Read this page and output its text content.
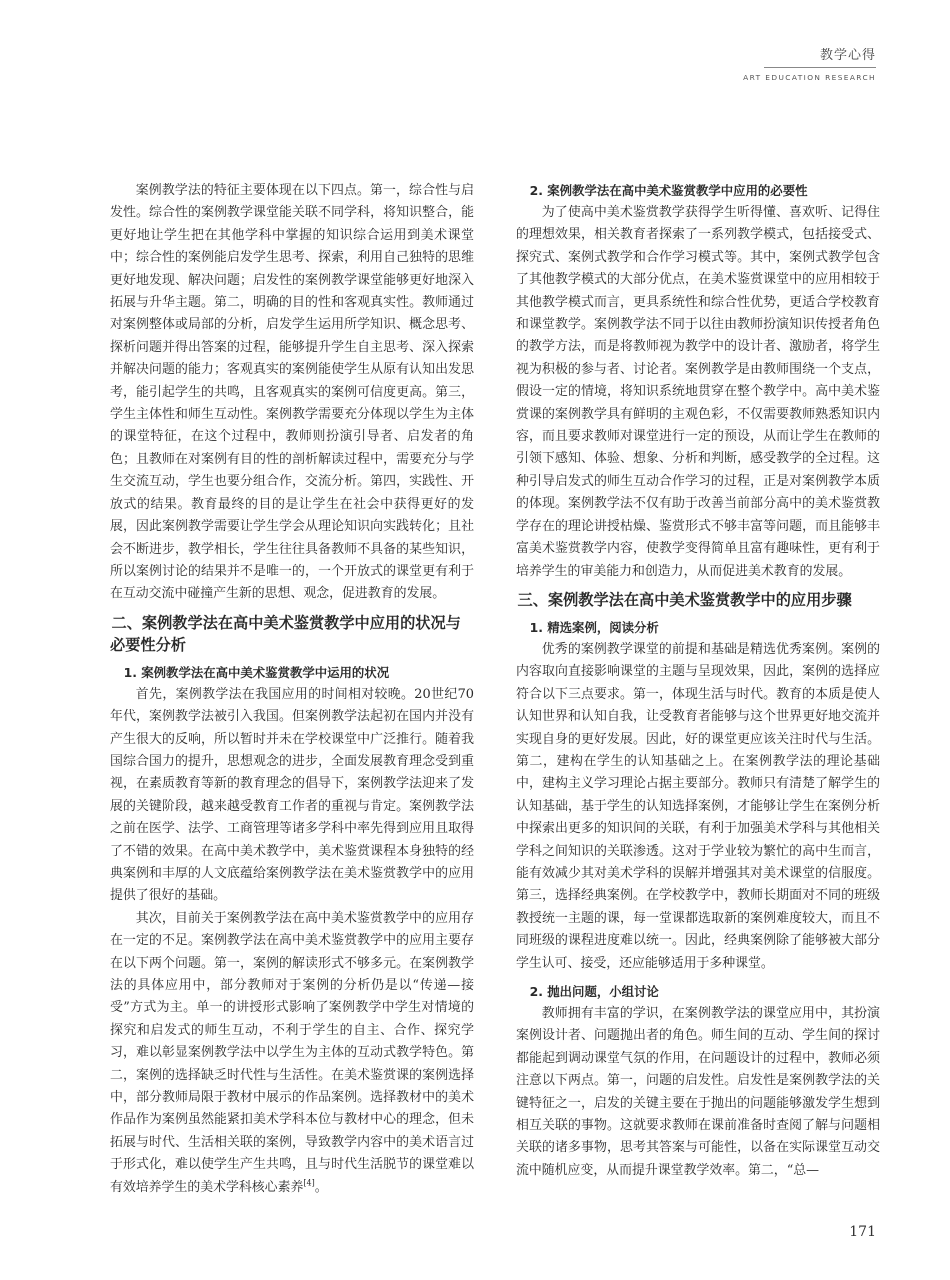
教学心得
ART EDUCATION RESEARCH

案例教学法的特征主要体现在以下四点。第一，综合性与启发性。综合性的案例教学课堂能关联不同学科，将知识整合，能更好地让学生把在其他学科中掌握的知识综合运用到美术课堂中；综合性的案例能启发学生思考、探索，利用自己独特的思维更好地发现、解决问题；启发性的案例教学课堂能够更好地深入拓展与升华主题。第二，明确的目的性和客观真实性。教师通过对案例整体或局部的分析，启发学生运用所学知识、概念思考、探析问题并得出答案的过程，能够提升学生自主思考、深入探索并解决问题的能力；客观真实的案例能使学生从原有认知出发思考，能引起学生的共鸣，且客观真实的案例可信度更高。第三，学生主体性和师生互动性。案例教学需要充分体现以学生为主体的课堂特征，在这个过程中，教师则扮演引导者、启发者的角色；且教师在对案例有目的性的剖析解读过程中，需要充分与学生交流互动，学生也要分组合作，交流分析。第四，实践性、开放式的结果。教育最终的目的是让学生在社会中获得更好的发展，因此案例教学需要让学生学会从理论知识向实践转化；且社会不断进步，教学相长，学生往往具备教师不具备的某些知识，所以案例讨论的结果并不是唯一的，一个开放式的课堂更有利于在互动交流中碰撞产生新的思想、观念，促进教育的发展。

二、案例教学法在高中美术鉴赏教学中应用的状况与必要性分析
1. 案例教学法在高中美术鉴赏教学中运用的状况

首先，案例教学法在我国应用的时间相对较晚。20世纪70年代，案例教学法被引入我国。但案例教学法起初在国内并没有产生很大的反响，所以暂时并未在学校课堂中广泛推行。随着我国综合国力的提升，思想观念的进步，全面发展教育理念受到重视，在素质教育等新的教育理念的倡导下，案例教学法迎来了发展的关键阶段，越来越受教育工作者的重视与肯定。案例教学法之前在医学、法学、工商管理等诸多学科中率先得到应用且取得了不错的效果。在高中美术教学中，美术鉴赏课程本身独特的经典案例和丰厚的人文底蕴给案例教学法在美术鉴赏教学中的应用提供了很好的基础。

其次，目前关于案例教学法在高中美术鉴赏教学中的应用存在一定的不足。案例教学法在高中美术鉴赏教学中的应用主要存在以下两个问题。第一，案例的解读形式不够多元。在案例教学法的具体应用中，部分教师对于案例的分析仍是以“传递—接受”方式为主。单一的讲授形式影响了案例教学中学生对情境的探究和启发式的师生互动，不利于学生的自主、合作、探究学习，难以彰显案例教学法中以学生为主体的互动式教学特色。第二，案例的选择缺乏时代性与生活性。在美术鉴赏课的案例选择中，部分教师局限于教材中展示的作品案例。选择教材中的美术作品作为案例虽然能紧扣美术学科本位与教材中心的理念，但未拓展与时代、生活相关联的案例，导致教学内容中的美术语言过于形式化，难以使学生产生共鸣，且与时代生活脱节的课堂难以有效培养学生的美术学科核心素养[4]。

2. 案例教学法在高中美术鉴赏教学中应用的必要性

为了使高中美术鉴赏教学获得学生听得懂、喜欢听、记得住的理想效果，相关教育者探索了一系列教学模式，包括接受式、探究式、案例式教学和合作学习模式等。其中，案例式教学包含了其他教学模式的大部分优点，在美术鉴赏课堂中的应用相较于其他教学模式而言，更具系统性和综合性优势，更适合学校教育和课堂教学。案例教学法不同于以往由教师扮演知识传授者角色的教学方法，而是将教师视为教学中的设计者、激励者，将学生视为积极的参与者、讨论者。案例教学是由教师围绕一个支点，假设一定的情境，将知识系统地贯穿在整个教学中。高中美术鉴赏课的案例教学具有鲜明的主观色彩，不仅需要教师熟悉知识内容，而且要求教师对课堂进行一定的预设，从而让学生在教师的引领下感知、体验、想象、分析和判断，感受教学的全过程。这种引导启发式的师生互动合作学习的过程，正是对案例教学本质的体现。案例教学法不仅有助于改善当前部分高中的美术鉴赏教学存在的理论讲授枯燥、鉴赏形式不够丰富等问题，而且能够丰富美术鉴赏教学内容，使教学变得简单且富有趣味性，更有利于培养学生的审美能力和创造力，从而促进美术教育的发展。

三、案例教学法在高中美术鉴赏教学中的应用步骤
1. 精选案例，阅读分析

优秀的案例教学课堂的前提和基础是精选优秀案例。案例的内容取向直接影响课堂的主题与呈现效果，因此，案例的选择应符合以下三点要求。第一，体现生活与时代。教育的本质是使人认知世界和认知自我，让受教育者能够与这个世界更好地交流并实现自身的更好发展。因此，好的课堂更应该关注时代与生活。第二，建构在学生的认知基础之上。在案例教学法的理论基础中，建构主义学习理论占据主要部分。教师只有清楚了解学生的认知基础，基于学生的认知选择案例，才能够让学生在案例分析中探索出更多的知识间的关联，有利于加强美术学科与其他相关学科之间知识的关联渗透。这对于学业较为繁忙的高中生而言，能有效减少其对美术学科的误解并增强其对美术课堂的信服度。第三，选择经典案例。在学校教学中，教师长期面对不同的班级教授统一主题的课，每一堂课都选取新的案例难度较大，而且不同班级的课程进度难以统一。因此，经典案例除了能够被大部分学生认可、接受，还应能够适用于多种课堂。

2. 抛出问题，小组讨论

教师拥有丰富的学识，在案例教学法的课堂应用中，其扮演案例设计者、问题抛出者的角色。师生间的互动、学生间的探讨都能起到调动课堂气氛的作用，在问题设计的过程中，教师必须注意以下两点。第一，问题的启发性。启发性是案例教学法的关键特征之一，启发的关键主要在于抛出的问题能够激发学生想到相互关联的事物。这就要求教师在课前准备时查阅了解与问题相关联的诸多事物，思考其答案与可能性，以备在实际课堂互动交流中随机应变，从而提升课堂教学效率。第二，“总—

171
